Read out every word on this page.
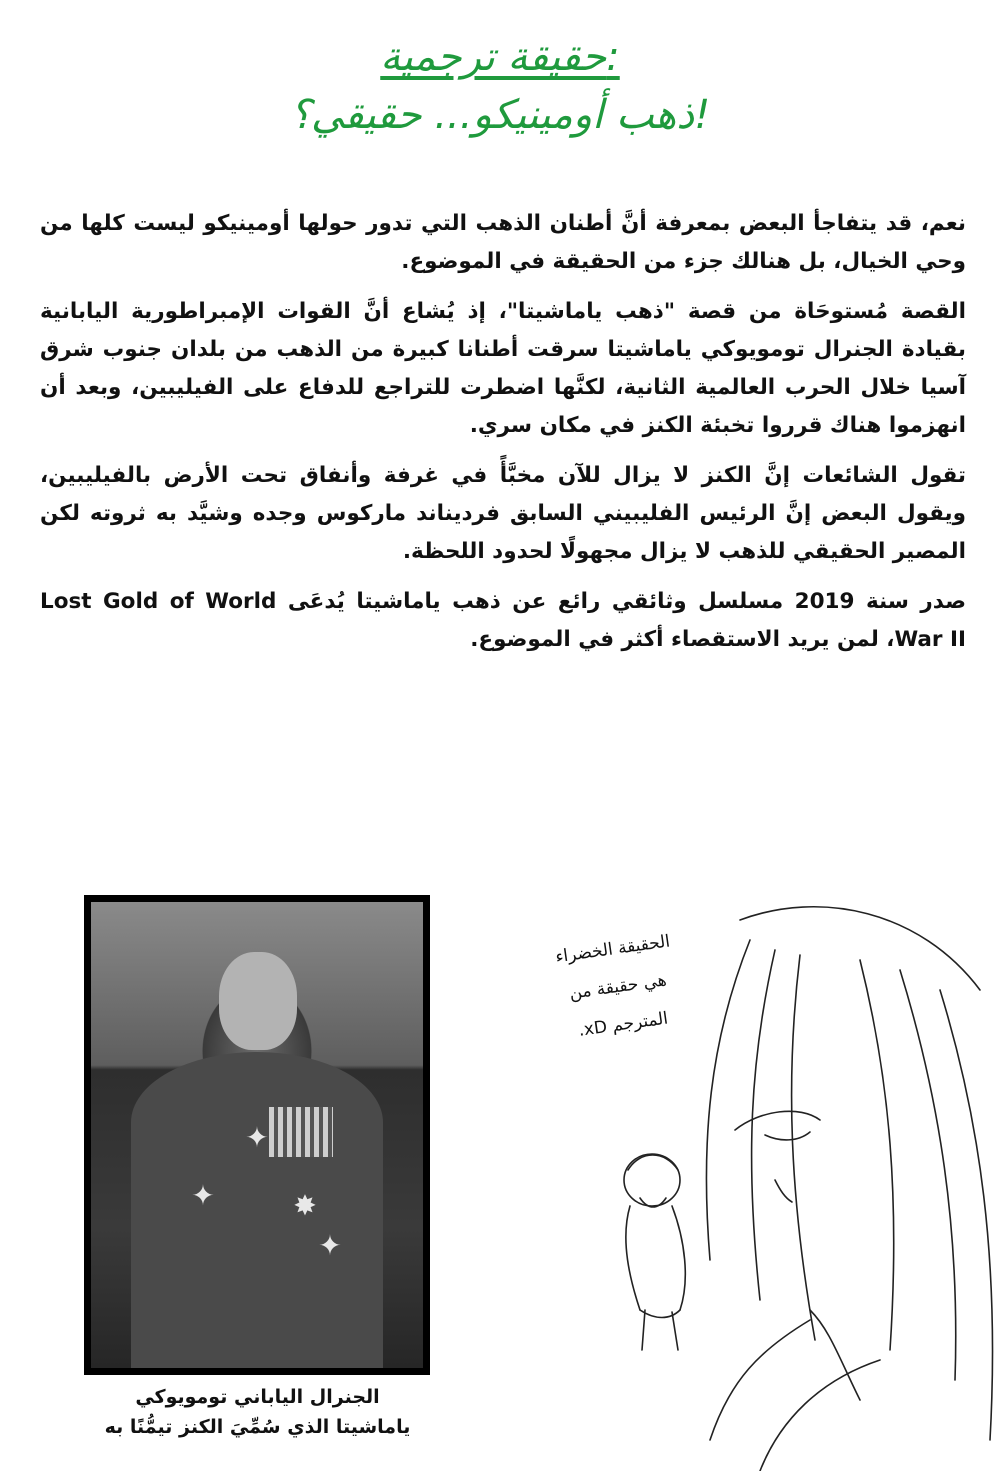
حقيقة ترجمية:
ذهب أومينيكو... حقيقي؟!

نعم، قد يتفاجأ البعض بمعرفة أنَّ أطنان الذهب التي تدور حولها أومينيكو ليست كلها من وحي الخيال، بل هنالك جزء من الحقيقة في الموضوع.

القصة مُستوحَاة من قصة "ذهب ياماشيتا"، إذ يُشاع أنَّ القوات الإمبراطورية اليابانية بقيادة الجنرال تومويوكي ياماشيتا سرقت أطنانا كبيرة من الذهب من بلدان جنوب شرق آسيا خلال الحرب العالمية الثانية، لكنَّها اضطرت للتراجع للدفاع على الفيليبين، وبعد أن انهزموا هناك قرروا تخبئة الكنز في مكان سري.

تقول الشائعات إنَّ الكنز لا يزال للآن مخبَّأً في غرفة وأنفاق تحت الأرض بالفيليبين، ويقول البعض إنَّ الرئيس الفليبيني السابق فرديناند ماركوس وجده وشيَّد به ثروته لكن المصير الحقيقي للذهب لا يزال مجهولًا لحدود اللحظة.

صدر سنة 2019 مسلسل وثائقي رائع عن ذهب ياماشيتا يُدعَى Lost Gold of World War II، لمن يريد الاستقصاء أكثر في الموضوع.

✦
✦	✸
✦
الجنرال الياباني تومويوكي
ياماشيتا الذي سُمِّيَ الكنز تيمُّنًا به
الحقيقة الخضراء
هي حقيقة من
المترجم xD.
